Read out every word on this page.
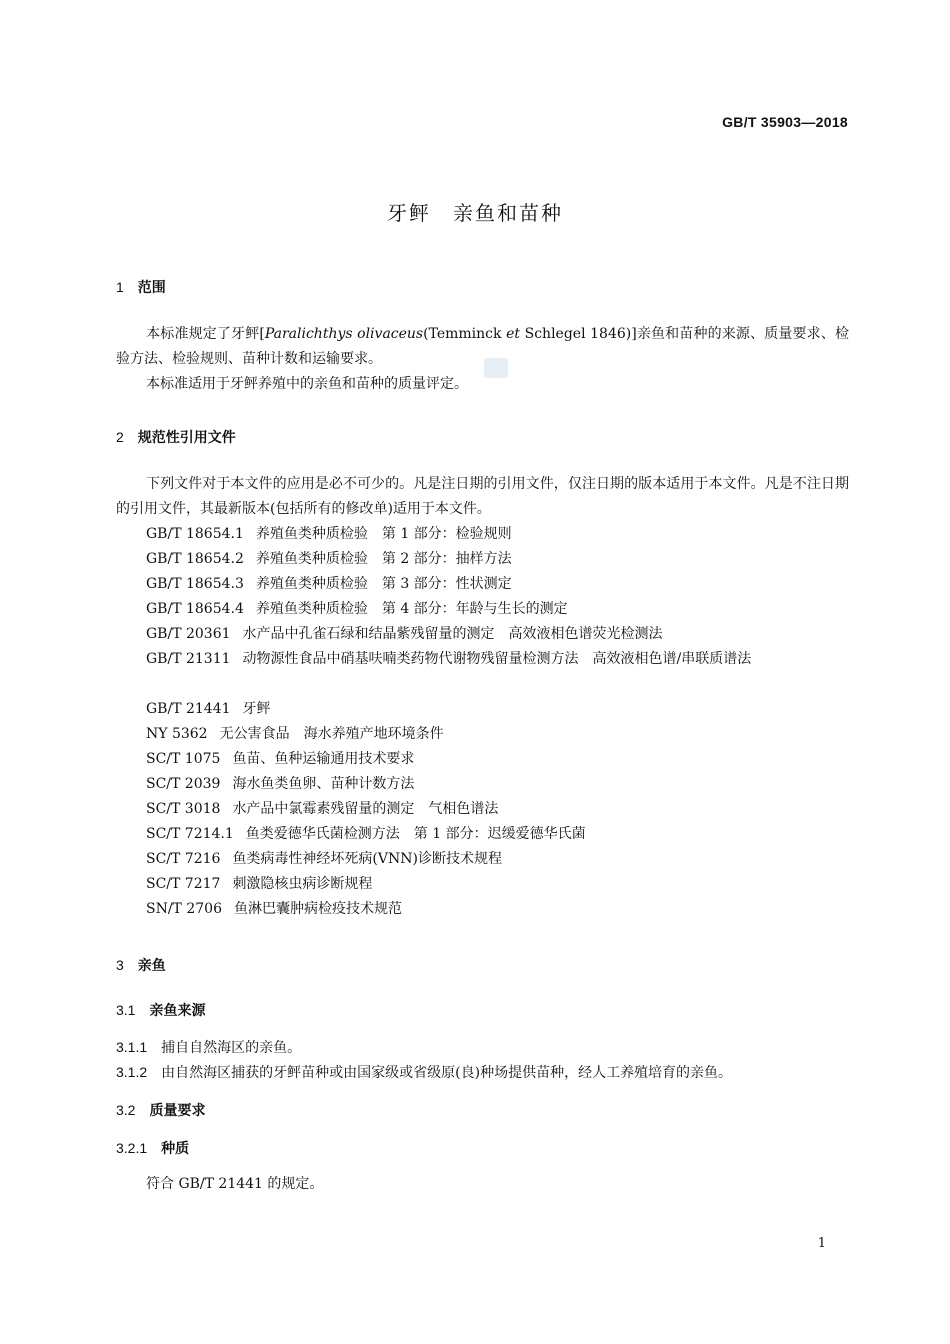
GB/T 35903—2018
牙鲆　亲鱼和苗种
1 范围
本标准规定了牙鲆[Paralichthys olivaceus(Temminck et Schlegel 1846)]亲鱼和苗种的来源、质量要求、检验方法、检验规则、苗种计数和运输要求。
本标准适用于牙鲆养殖中的亲鱼和苗种的质量评定。
2 规范性引用文件
下列文件对于本文件的应用是必不可少的。凡是注日期的引用文件，仅注日期的版本适用于本文件。凡是不注日期的引用文件，其最新版本(包括所有的修改单)适用于本文件。
GB/T 18654.1 养殖鱼类种质检验　第 1 部分：检验规则
GB/T 18654.2 养殖鱼类种质检验　第 2 部分：抽样方法
GB/T 18654.3 养殖鱼类种质检验　第 3 部分：性状测定
GB/T 18654.4 养殖鱼类种质检验　第 4 部分：年龄与生长的测定
GB/T 20361 水产品中孔雀石绿和结晶紫残留量的测定　高效液相色谱荧光检测法
GB/T 21311 动物源性食品中硝基呋喃类药物代谢物残留量检测方法　高效液相色谱/串联质谱法
GB/T 21441 牙鲆
NY 5362 无公害食品　海水养殖产地环境条件
SC/T 1075 鱼苗、鱼种运输通用技术要求
SC/T 2039 海水鱼类鱼卵、苗种计数方法
SC/T 3018 水产品中氯霉素残留量的测定　气相色谱法
SC/T 7214.1 鱼类爱德华氏菌检测方法　第 1 部分：迟缓爱德华氏菌
SC/T 7216 鱼类病毒性神经坏死病(VNN)诊断技术规程
SC/T 7217 刺激隐核虫病诊断规程
SN/T 2706 鱼淋巴囊肿病检疫技术规范
3 亲鱼
3.1 亲鱼来源
3.1.1 捕自自然海区的亲鱼。
3.1.2 由自然海区捕获的牙鲆苗种或由国家级或省级原(良)种场提供苗种，经人工养殖培育的亲鱼。
3.2 质量要求
3.2.1 种质
符合 GB/T 21441 的规定。
1
